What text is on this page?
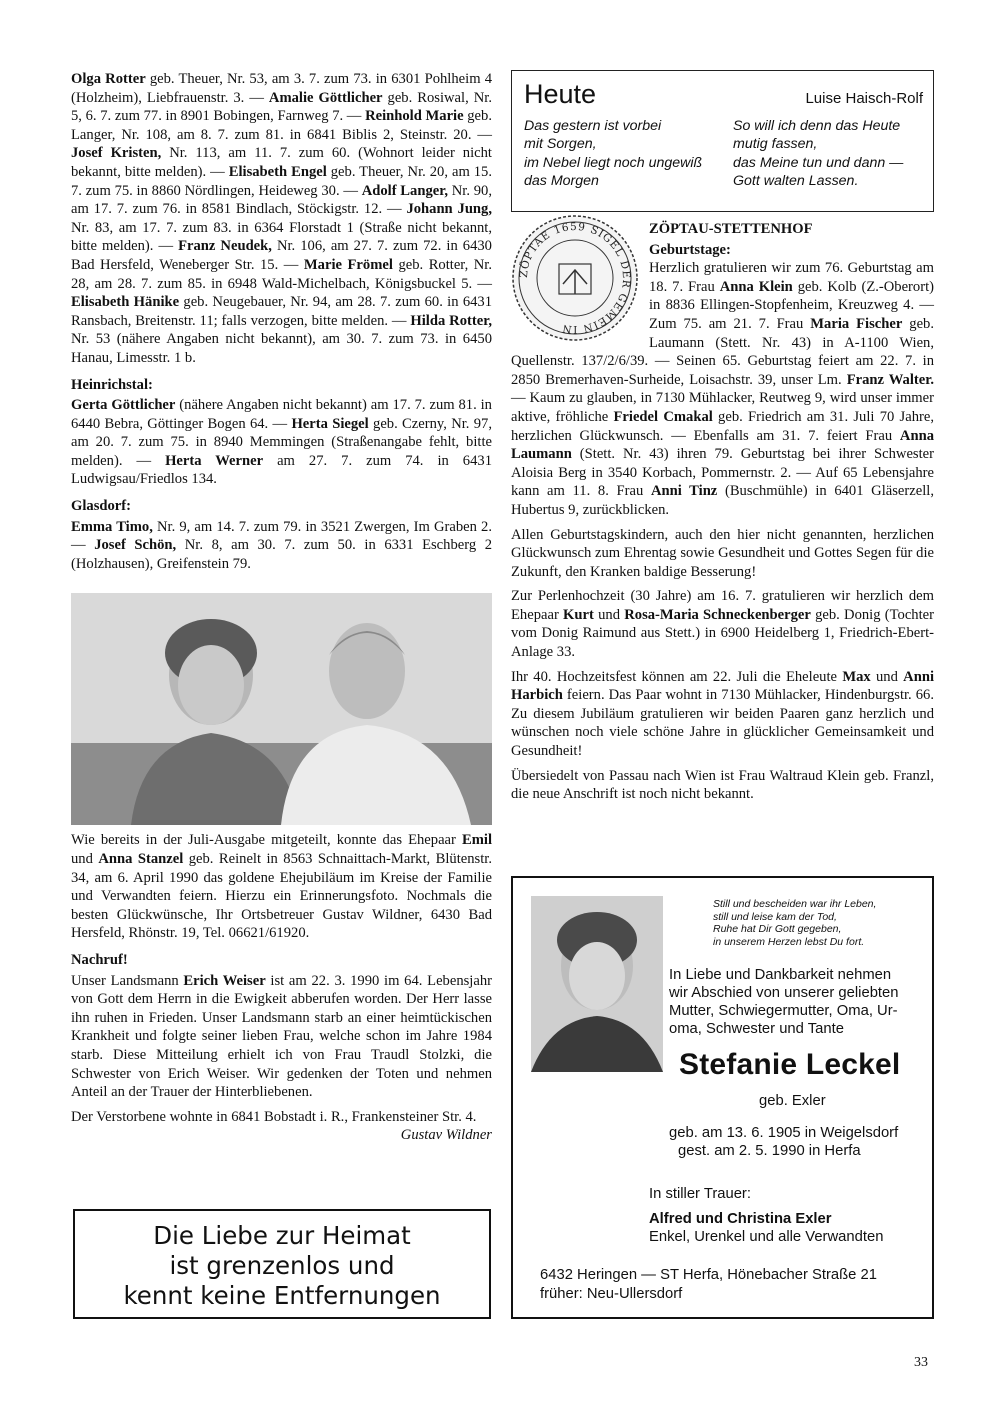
Olga Rotter geb. Theuer, Nr. 53, am 3. 7. zum 73. in 6301 Pohlheim 4 (Holzheim), Liebfrauenstr. 3. — Amalie Göttlicher geb. Rosiwal, Nr. 5, 6. 7. zum 77. in 8901 Bobingen, Farnweg 7. — Reinhold Marie geb. Langer, Nr. 108, am 8. 7. zum 81. in 6841 Biblis 2, Steinstr. 20. — Josef Kristen, Nr. 113, am 11. 7. zum 60. (Wohnort leider nicht bekannt, bitte melden). — Elisabeth Engel geb. Theuer, Nr. 20, am 15. 7. zum 75. in 8860 Nördlingen, Heideweg 30. — Adolf Langer, Nr. 90, am 17. 7. zum 76. in 8581 Bindlach, Stöckigstr. 12. — Johann Jung, Nr. 83, am 17. 7. zum 83. in 6364 Florstadt 1 (Straße nicht bekannt, bitte melden). — Franz Neudek, Nr. 106, am 27. 7. zum 72. in 6430 Bad Hersfeld, Weneberger Str. 15. — Marie Frömel geb. Rotter, Nr. 28, am 28. 7. zum 85. in 6948 Wald-Michelbach, Königsbuckel 5. — Elisabeth Hänike geb. Neugebauer, Nr. 94, am 28. 7. zum 60. in 6431 Ransbach, Breitenstr. 11; falls verzogen, bitte melden. — Hilda Rotter, Nr. 53 (nähere Angaben nicht bekannt), am 30. 7. zum 73. in 6450 Hanau, Limesstr. 1 b.

Heinrichstal:

Gerta Göttlicher (nähere Angaben nicht bekannt) am 17. 7. zum 81. in 6440 Bebra, Göttinger Bogen 64. — Herta Siegel geb. Czerny, Nr. 97, am 20. 7. zum 75. in 8940 Memmingen (Straßenangabe fehlt, bitte melden). — Herta Werner am 27. 7. zum 74. in 6431 Ludwigsau/Friedlos 134.

Glasdorf:

Emma Timo, Nr. 9, am 14. 7. zum 79. in 3521 Zwergen, Im Graben 2. — Josef Schön, Nr. 8, am 30. 7. zum 50. in 6331 Eschberg 2 (Holzhausen), Greifenstein 79.

Wie bereits in der Juli-Ausgabe mitgeteilt, konnte das Ehepaar Emil und Anna Stanzel geb. Reinelt in 8563 Schnaittach-Markt, Blütenstr. 34, am 6. April 1990 das goldene Ehejubiläum im Kreise der Familie und Verwandten feiern. Hierzu ein Erinnerungsfoto. Nochmals die besten Glückwünsche, Ihr Ortsbetreuer Gustav Wildner, 6430 Bad Hersfeld, Rhönstr. 19, Tel. 06621/61920.

Nachruf!

Unser Landsmann Erich Weiser ist am 22. 3. 1990 im 64. Lebensjahr von Gott dem Herrn in die Ewigkeit abberufen worden. Der Herr lasse ihn ruhen in Frieden. Unser Landsmann starb an einer heimtückischen Krankheit und folgte seiner lieben Frau, welche schon im Jahre 1984 starb. Diese Mitteilung erhielt ich von Frau Traudl Stolzki, die Schwester von Erich Weiser. Wir gedenken der Toten und nehmen Anteil an der Trauer der Hinterbliebenen.

Der Verstorbene wohnte in 6841 Bobstadt i. R., Frankensteiner Str. 4.
Gustav Wildner

Die Liebe zur Heimat
ist grenzenlos und
kennt keine Entfernungen
Heute	Luise Haisch-Rolf
Das gestern ist vorbei
mit Sorgen,
im Nebel liegt noch ungewiß
das Morgen
So will ich denn das Heute
mutig fassen,
das Meine tun und dann —
Gott walten Lassen.
ZÖPTAE 1659 SIGEL DER GEMEIN IN
ZÖPTAU-STETTENHOF
Geburtstage:

Herzlich gratulieren wir zum 76. Geburtstag am 18. 7. Frau Anna Klein geb. Kolb (Z.-Oberort) in 8836 Ellingen-Stopfenheim, Kreuzweg 4. — Zum 75. am 21. 7. Frau Maria Fischer geb. Laumann (Stett. Nr. 43) in A-1100 Wien, Quellenstr. 137/2/6/39. — Seinen 65. Geburtstag feiert am 22. 7. in 2850 Bremerhaven-Surheide, Loisachstr. 39, unser Lm. Franz Walter. — Kaum zu glauben, in 7130 Mühlacker, Reutweg 9, wird unser immer aktive, fröhliche Friedel Cmakal geb. Friedrich am 31. Juli 70 Jahre, herzlichen Glückwunsch. — Ebenfalls am 31. 7. feiert Frau Anna Laumann (Stett. Nr. 43) ihren 79. Geburtstag bei ihrer Schwester Aloisia Berg in 3540 Korbach, Pommernstr. 2. — Auf 65 Lebensjahre kann am 11. 8. Frau Anni Tinz (Buschmühle) in 6401 Gläserzell, Hubertus 9, zurückblicken.

Allen Geburtstagskindern, auch den hier nicht genannten, herzlichen Glückwunsch zum Ehrentag sowie Gesundheit und Gottes Segen für die Zukunft, den Kranken baldige Besserung!

Zur Perlenhochzeit (30 Jahre) am 16. 7. gratulieren wir herzlich dem Ehepaar Kurt und Rosa-Maria Schneckenberger geb. Donig (Tochter vom Donig Raimund aus Stett.) in 6900 Heidelberg 1, Friedrich-Ebert-Anlage 33.

Ihr 40. Hochzeitsfest können am 22. Juli die Eheleute Max und Anni Harbich feiern. Das Paar wohnt in 7130 Mühlacker, Hindenburgstr. 66. Zu diesem Jubiläum gratulieren wir beiden Paaren ganz herzlich und wünschen noch viele schöne Jahre in glücklicher Gemeinsamkeit und Gesundheit!

Übersiedelt von Passau nach Wien ist Frau Waltraud Klein geb. Franzl, die neue Anschrift ist noch nicht bekannt.

Still und bescheiden war ihr Leben,
still und leise kam der Tod,
Ruhe hat Dir Gott gegeben,
in unserem Herzen lebst Du fort.
In Liebe und Dankbarkeit nehmen
wir Abschied von unserer geliebten
Mutter, Schwiegermutter, Oma, Ur-
oma, Schwester und Tante
Stefanie Leckel
geb. Exler
geb. am 13. 6. 1905 in Weigelsdorf
gest. am 2. 5. 1990 in Herfa
In stiller Trauer:
Alfred und Christina Exler
Enkel, Urenkel und alle Verwandten
6432 Heringen — ST Herfa, Hönebacher Straße 21
früher: Neu-Ullersdorf
33
